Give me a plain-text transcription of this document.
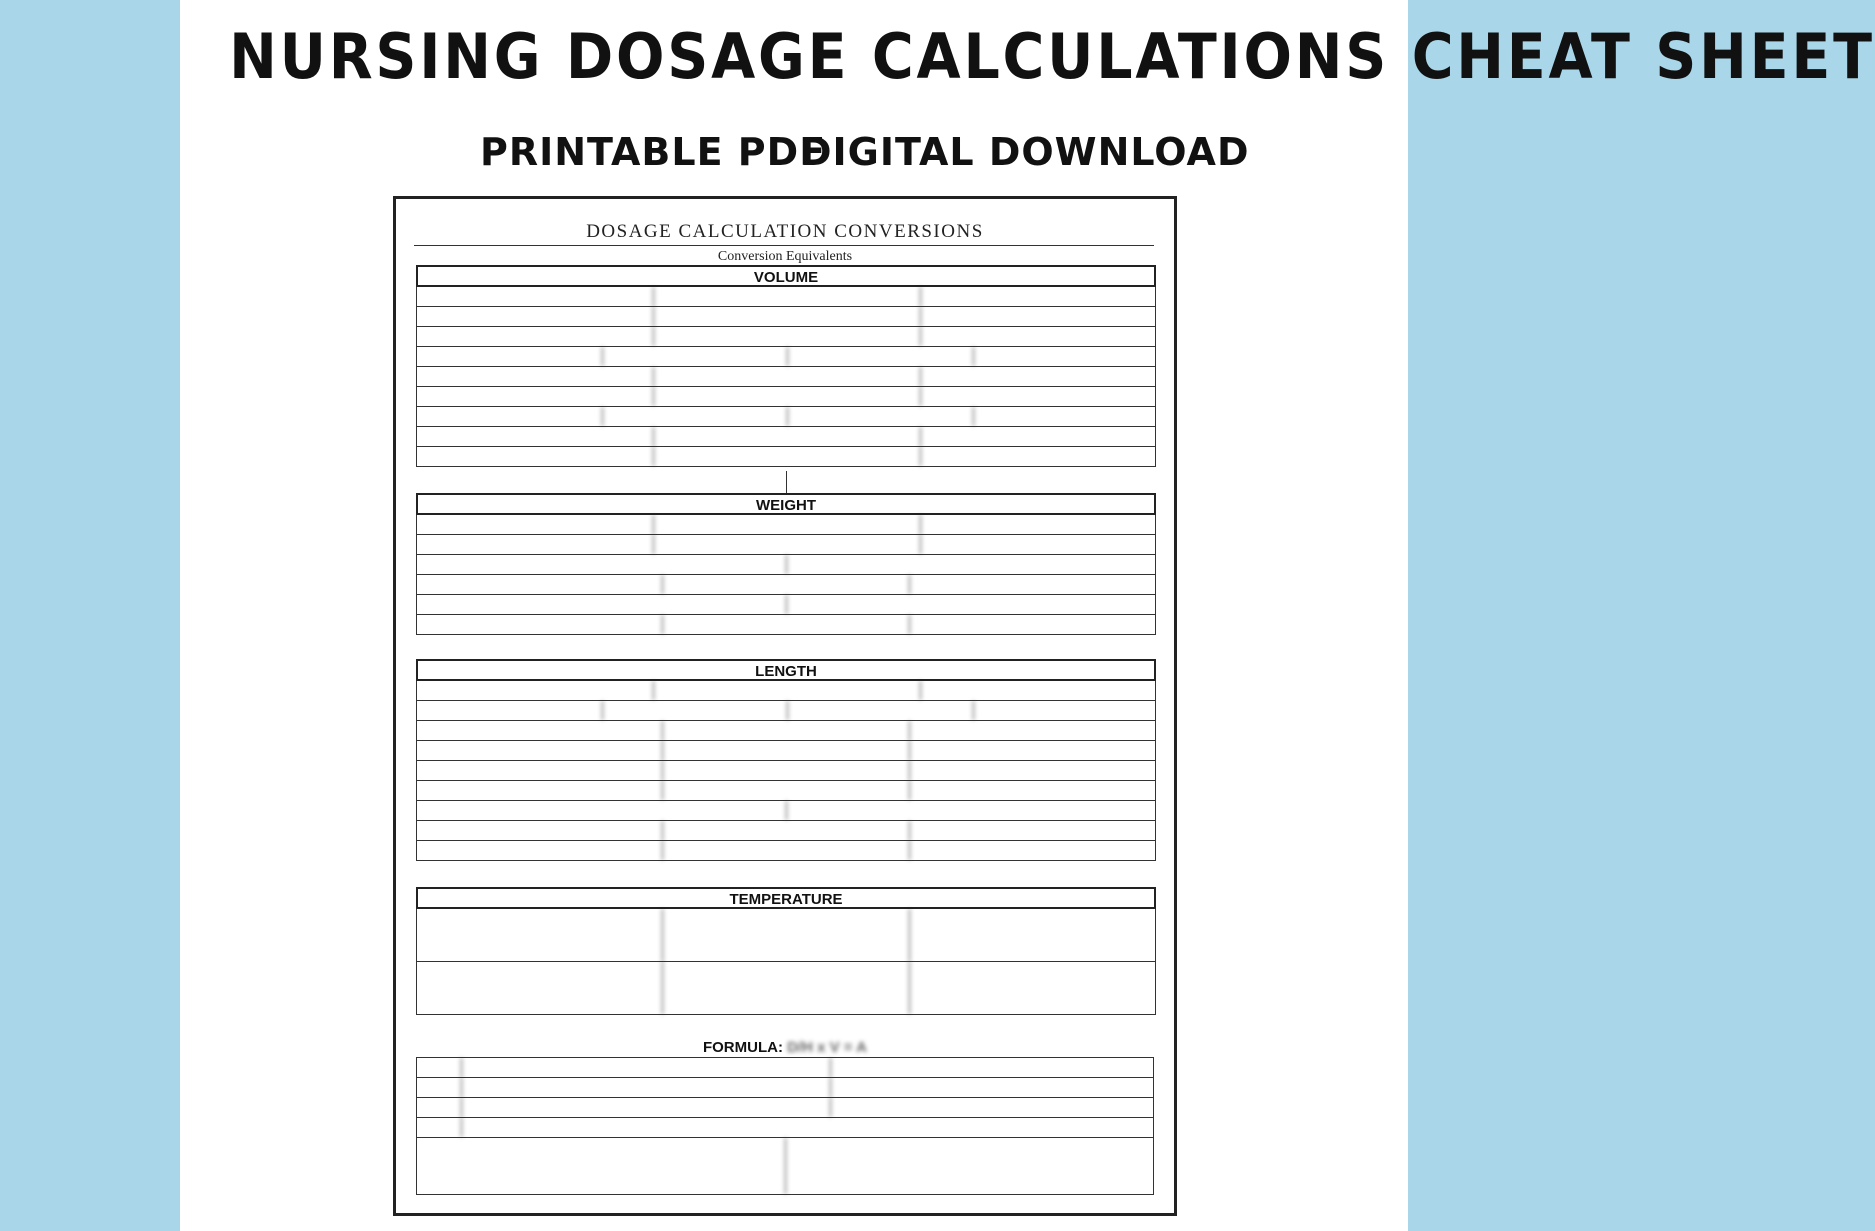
NURSING DOSAGE CALCULATIONS CHEAT SHEET
PRINTABLE PDF
DIGITAL DOWNLOAD
DOSAGE CALCULATION CONVERSIONS
Conversion Equivalents
VOLUME

WEIGHT

LENGTH

TEMPERATURE

FORMULA: D/H x V = A
